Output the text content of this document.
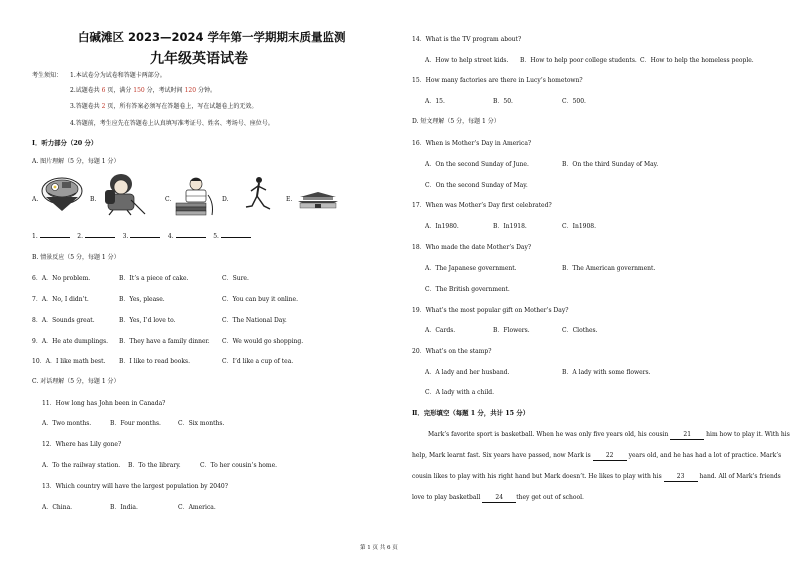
白碱滩区 2023—2024 学年第一学期期末质量监测
九年级英语试卷
考生须知： 1.本试卷分为试卷和答题卡两部分。
2.试题卷共 6 页，满分 150 分，考试时间 120 分钟。
3.答题卷共 2 页，所有答案必须写在答题卷上，写在试题卷上的无效。
4.答题前，考生应先在答题卷上认真填写准考证号、姓名、考场号、座位号。
Ⅰ．听力部分（20 分）
A. 图片理解（5 分，每题 1 分）
A.	B.	C.	D.	E.
1.	2.	3.	4.	5.
B. 情景反应（5 分，每题 1 分）
6．A．No problem.	B．It’s a piece of cake.	C．Sure.
7．A．No, I didn’t.	B．Yes, please.	C．You can buy it online.
8．A．Sounds great.	B．Yes, I’d love to.	C．The National Day.
9．A．He ate dumplings. B．They have a family dinner. C．We would go shopping.
10．A．I like math best. B．I like to read books.	C．I’d like a cup of tea.
C. 对话理解（5 分，每题 1 分）
11．How long has John been in Canada?
A．Two months.	B．Four months.	C．Six months.
12．Where has Lily gone?
A．To the railway station. B．To the library.	C．To her cousin’s home.
13．Which country will have the largest population by 2040?
A．China.	B．India.	C．America.
14．What is the TV program about?
A．How to help street kids. B．How to help poor college students. C．How to help the homeless people.
15．How many factories are there in Lucy’s hometown?
A．15.	B．50.	C．500.
D. 短文理解（5 分，每题 1 分）
16．When is Mother’s Day in America?
A．On the second Sunday of June.	B．On the third Sunday of May.
C．On the second Sunday of May.
17．When was Mother’s Day first celebrated?
A．In1980.	B．In1918.	C．In1908.
18．Who made the date Mother’s Day?
A．The Japanese government.	B．The American government.
C．The British government.
19．What’s the most popular gift on Mother’s Day?
A．Cards.	B．Flowers.	C．Clothes.
20．What’s on the stamp?
A．A lady and her husband.	B．A lady with some flowers.
C．A lady with a child.
Ⅱ．完形填空（每题 1 分，共计 15 分）
Mark’s favorite sport is basketball. When he was only five years old, his cousin	21	him how to play it. With his
help, Mark learnt fast. Six years have passed, now Mark is	22	years old, and he has had a lot of practice. Mark’s
cousin likes to play with his right hand but Mark doesn’t. He likes to play with his	23	hand. All of Mark’s friends
love to play basketball	24 they get out of school.
第 1 页 共 6 页
